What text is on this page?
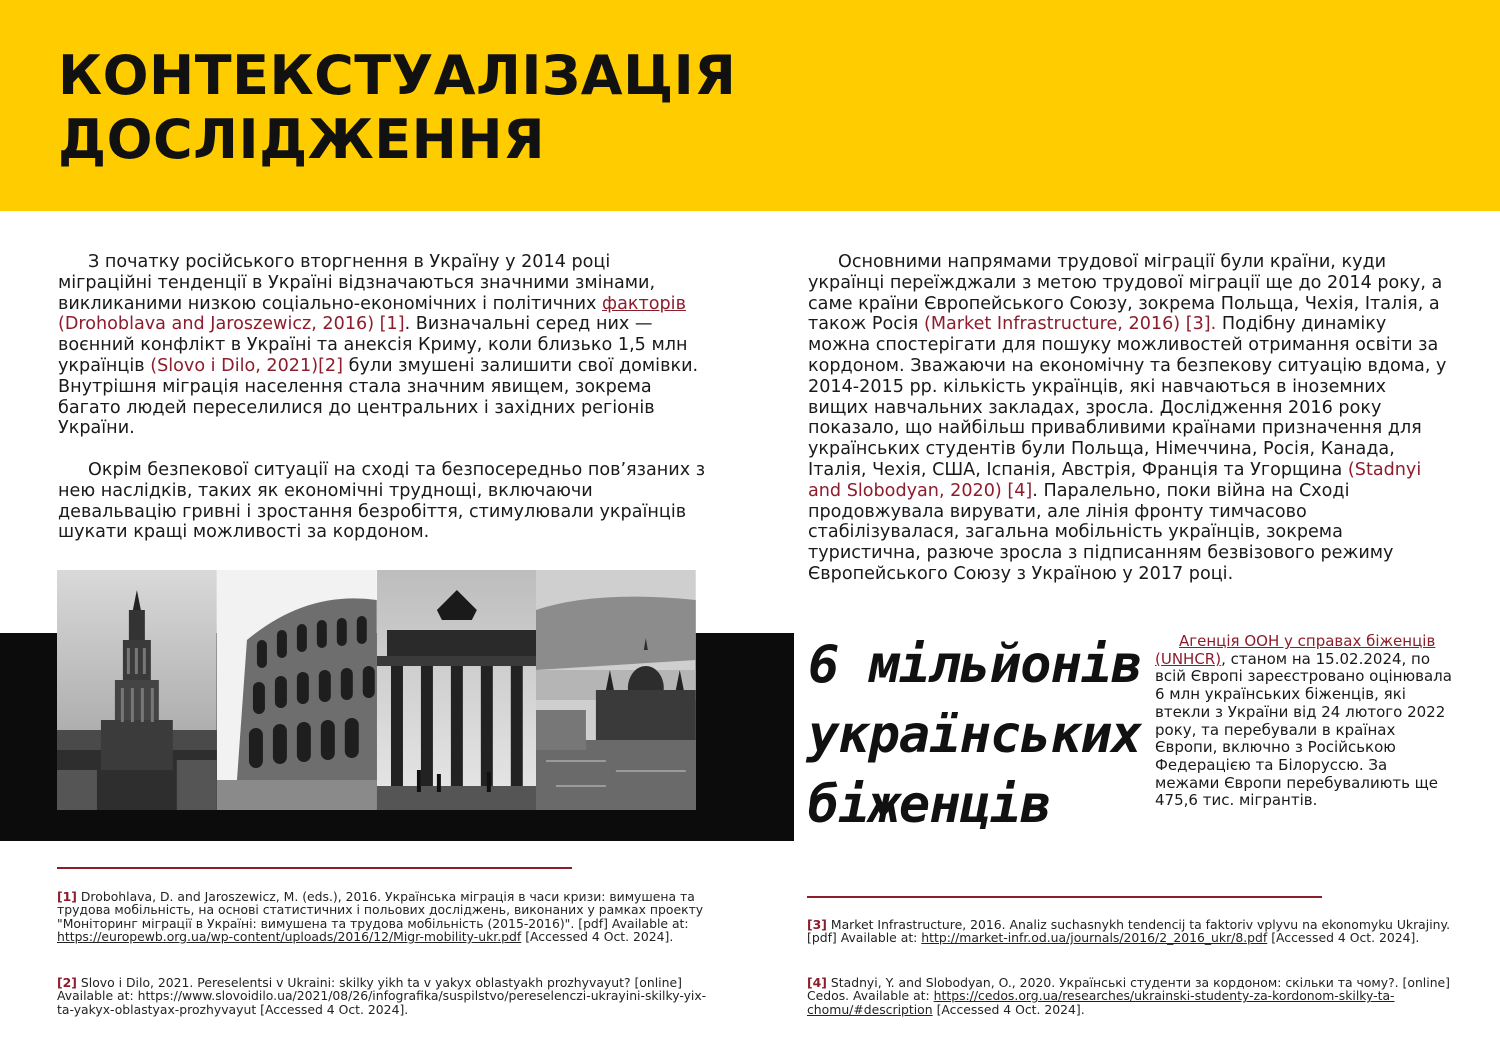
КОНТЕКСТУАЛІЗАЦІЯ
ДОСЛІДЖЕННЯ

З початку російського вторгнення в Україну у 2014 році міграційні тенденції в Україні відзначаються значними змінами, викликаними низкою соціально-економічних і політичних факторів (Drohoblava and Jaroszewicz, 2016) [1]. Визначальні серед них — воєнний конфлікт в Україні та анексія Криму, коли близько 1,5 млн українців (Slovo i Dilo, 2021)[2] були змушені залишити свої домівки. Внутрішня міграція населення стала значним явищем, зокрема багато людей переселилися до центральних і західних регіонів України.

Окрім безпекової ситуації на сході та безпосередньо пов’язаних з нею наслідків, таких як економічні труднощі, включаючи девальвацію гривні і зростання безробіття, стимулювали українців шукати кращі можливості за кордоном.

Основними напрямами трудової міграції були країни, куди українці переїжджали з метою трудової міграції ще до 2014 року, а саме країни Європейського Союзу, зокрема Польща, Чехія, Італія, а також Росія (Market Infrastructure, 2016) [3]. Подібну динаміку можна спостерігати для пошуку можливостей отримання освіти за кордоном. Зважаючи на економічну та безпекову ситуацію вдома, у 2014-2015 рр. кількість українців, які навчаються в іноземних вищих навчальних закладах, зросла. Дослідження 2016 року показало, що найбільш привабливими країнами призначення для українських студентів були Польща, Німеччина, Росія, Канада, Італія, Чехія, США, Іспанія, Австрія, Франція та Угорщина (Stadnyi and Slobodyan, 2020) [4]. Паралельно, поки війна на Сході продовжувала вирувати, але лінія фронту тимчасово стабілізувалася, загальна мобільність українців, зокрема туристична, разюче зросла з підписанням безвізового режиму Європейського Союзу з Україною у 2017 році.

6 мільйонів
українських
біженців

Агенція ООН у справах біженців (UNHCR), станом на 15.02.2024, по всій Європі зареєстровано оцінювала 6 млн українських біженців, які втекли з України від 24 лютого 2022 року, та перебували в країнах Європи, включно з Російською Федерацією та Білоруссю. За межами Європи перебувалиють ще 475,6 тис. мігрантів.

[1] Drobohlava, D. and Jaroszewicz, M. (eds.), 2016. Українська міграція в часи кризи: вимушена та трудова мобільність, на основі статистичних і польових досліджень, виконаних у рамках проекту "Моніторинг міграції в Україні: вимушена та трудова мобільність (2015-2016)". [pdf] Available at: https://europewb.org.ua/wp-content/uploads/2016/12/Migr-mobility-ukr.pdf [Accessed 4 Oct. 2024].

[2] Slovo i Dilo, 2021. Pereselentsi v Ukraini: skilky yikh ta v yakyx oblastyakh prozhyvayut? [online] Available at: https://www.slovoidilo.ua/2021/08/26/infografika/suspilstvo/pereselenczi-ukrayini-skilky-yix-ta-yakyx-oblastyax-prozhyvayut [Accessed 4 Oct. 2024].

[3] Market Infrastructure, 2016. Analiz suchasnykh tendencij ta faktoriv vplyvu na ekonomyku Ukrajiny. [pdf] Available at: http://market-infr.od.ua/journals/2016/2_2016_ukr/8.pdf [Accessed 4 Oct. 2024].

[4] Stadnyi, Y. and Slobodyan, O., 2020. Українські студенти за кордоном: скільки та чому?. [online] Cedos. Available at: https://cedos.org.ua/researches/ukrainski-studenty-za-kordonom-skilky-ta-chomu/#description [Accessed 4 Oct. 2024].
